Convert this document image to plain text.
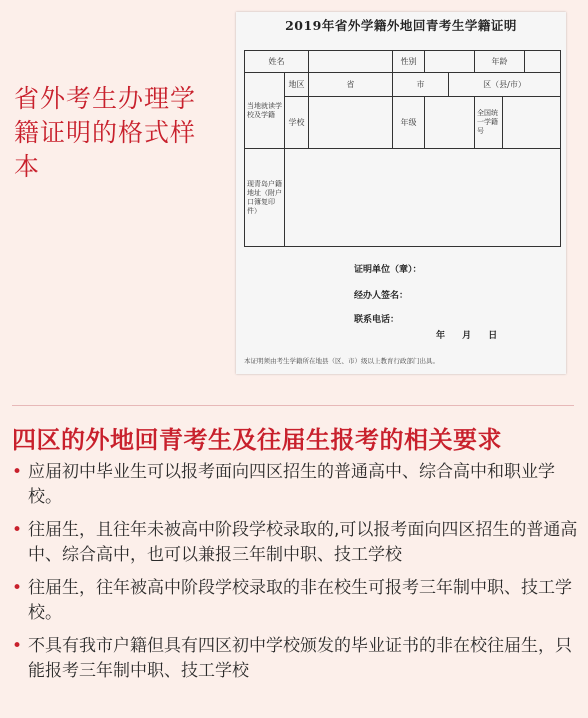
省外考生办理学籍证明的格式样本
2019年省外学籍外地回青考生学籍证明
姓名			性别			年龄		
当地就读学校及学籍	地区	省	市		区（县/市）			
	学校		年级			全国统一学籍号		
现青岛户籍地址（附户口簿复印件）								
证明单位（章）：
经办人签名：
联系电话：
年 月 日
本证明须由考生学籍所在地县（区、市）级以上教育行政部门出具。
四区的外地回青考生及往届生报考的相关要求
• 应届初中毕业生可以报考面向四区招生的普通高中、综合高中和职业学校。
• 往届生，且往年未被高中阶段学校录取的,可以报考面向四区招生的普通高中、综合高中，也可以兼报三年制中职、技工学校
• 往届生，往年被高中阶段学校录取的非在校生可报考三年制中职、技工学校。
• 不具有我市户籍但具有四区初中学校颁发的毕业证书的非在校往届生，只能报考三年制中职、技工学校
